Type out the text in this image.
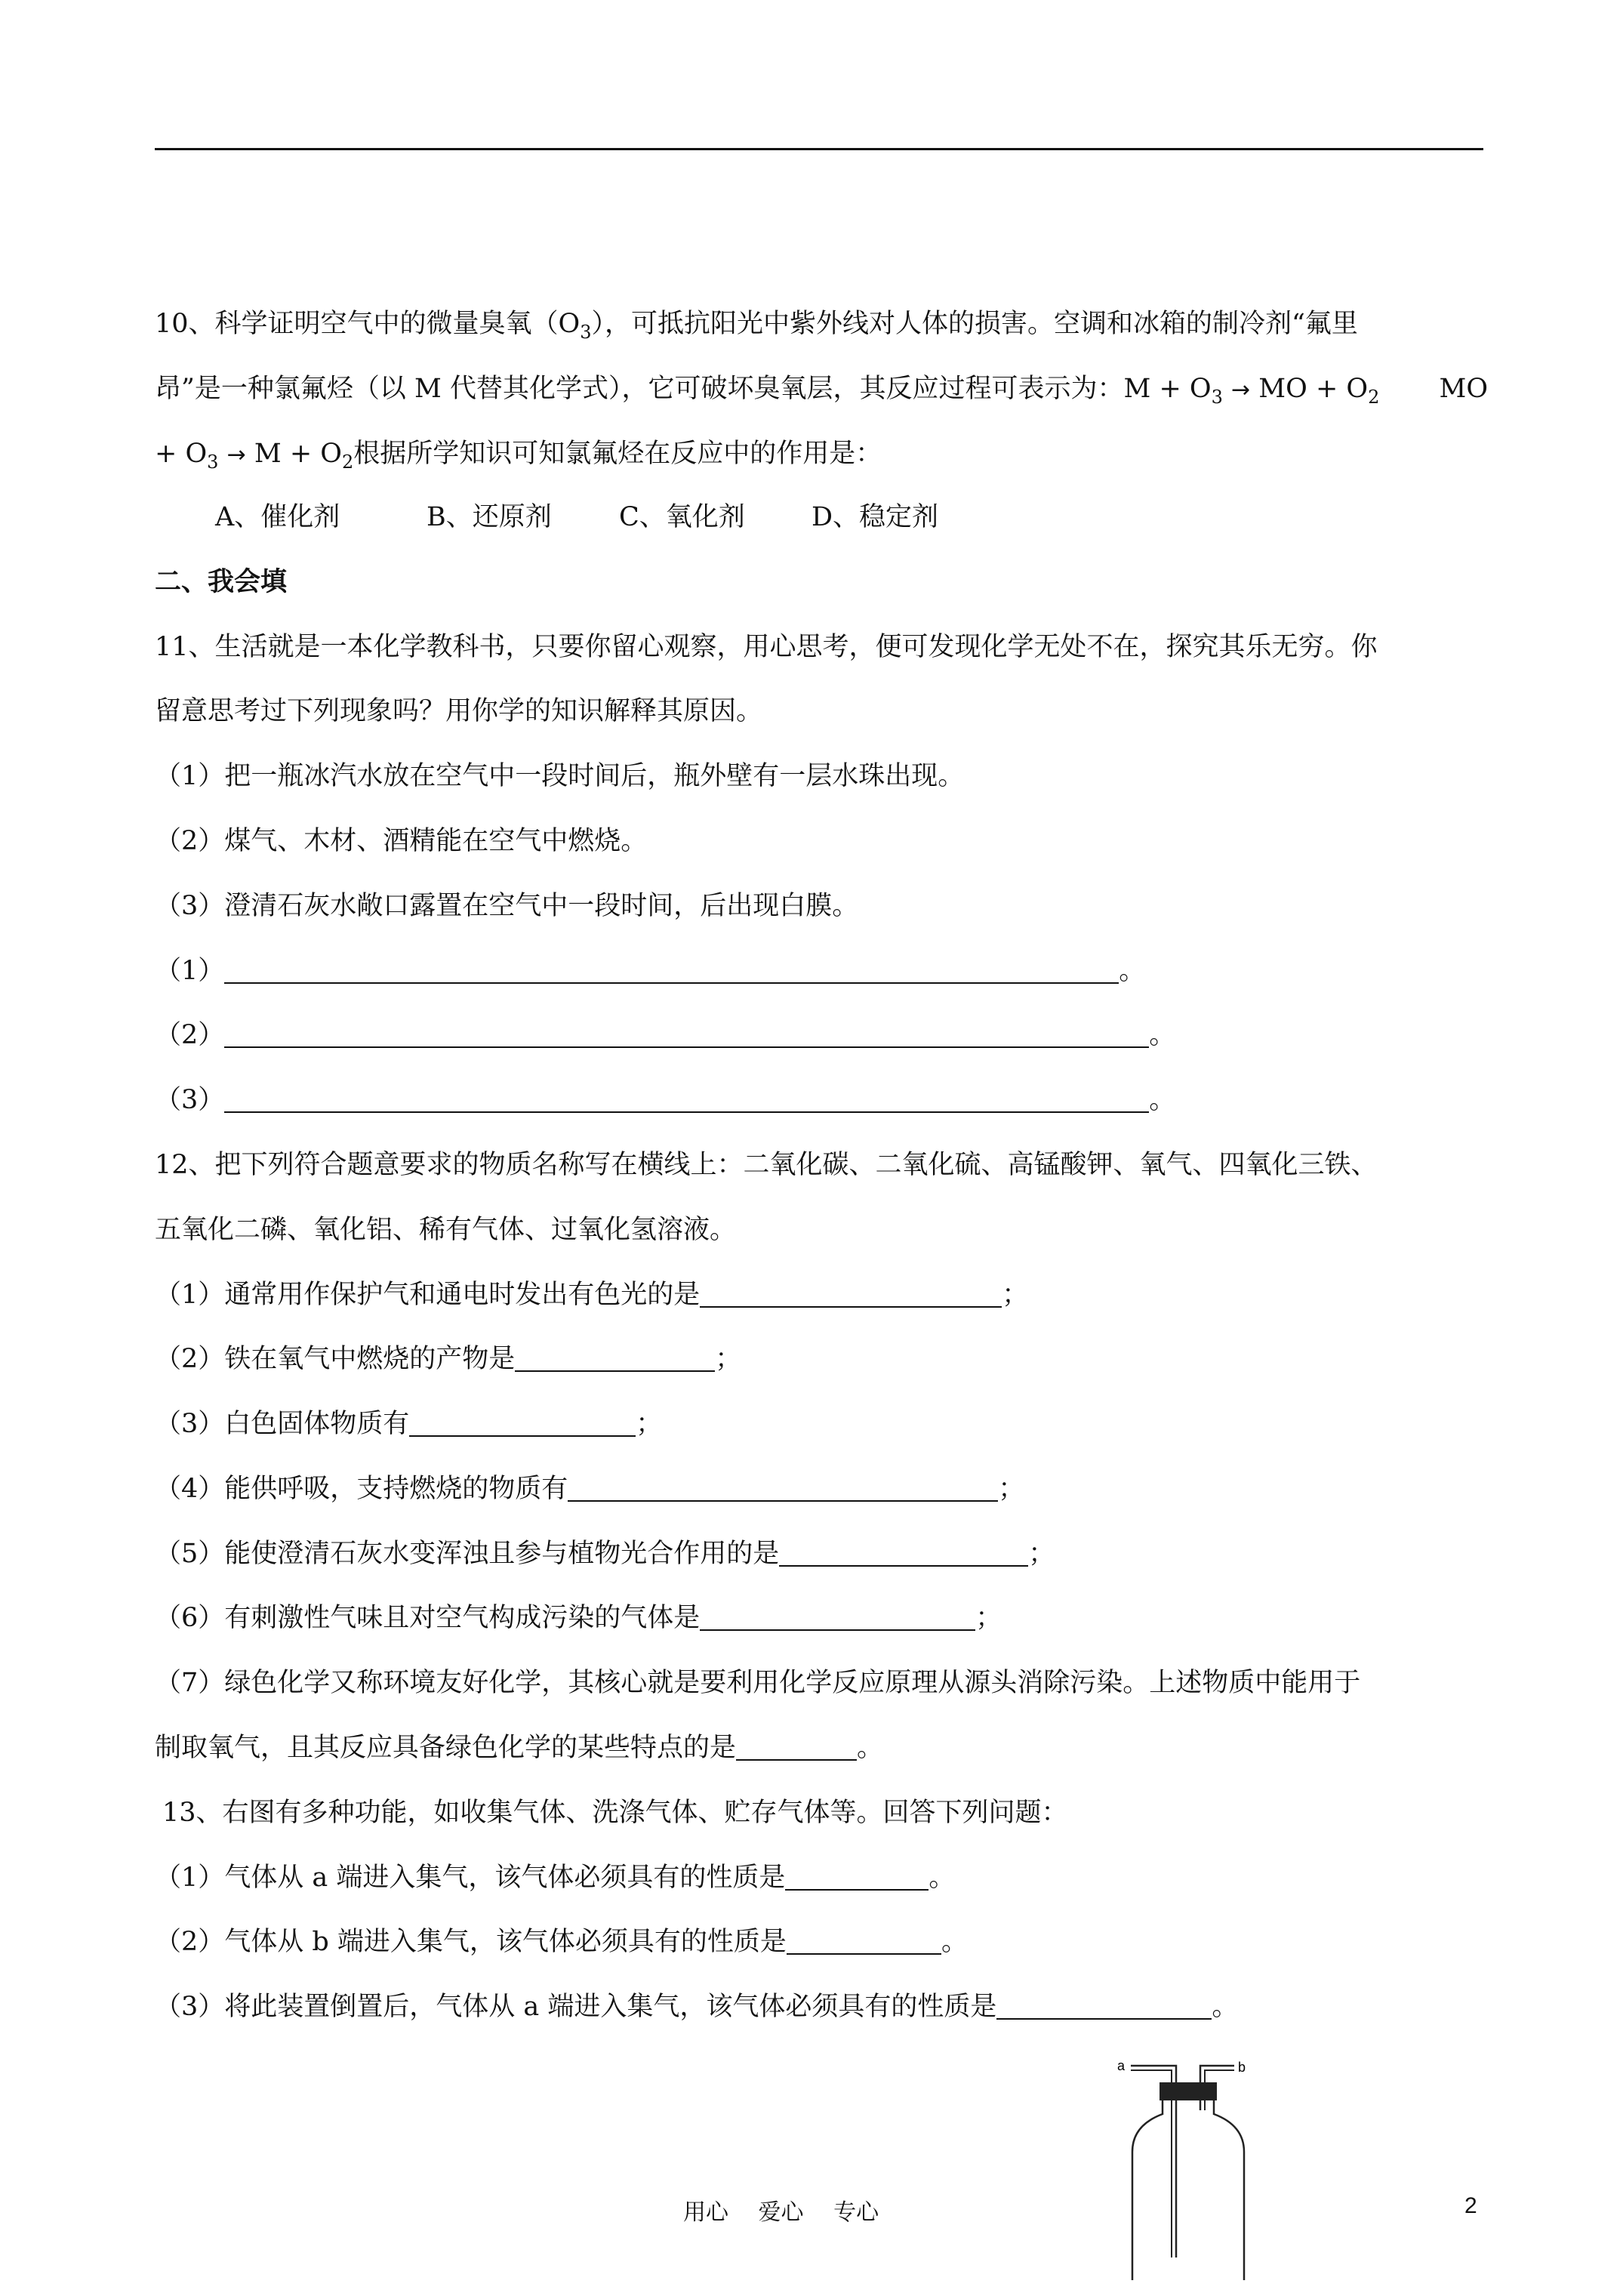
10、科学证明空气中的微量臭氧$(O_3)$，可抵抗阳光中紫外线对人体的损害。空调和冰箱的制冷剂“氟里
昂”是一种氯氟烃（以 M 代替其化学式），它可破坏臭氧层，其反应过程可表示为：$M + O_3$ → MO + $O_2$ MO
+ $O_3 \to M + O_2$根据所学知识可知氯氟烃在反应中的作用是：
A、催化剂	B、还原剂	C、氧化剂	D、稳定剂
二、我会填
11、生活就是一本化学教科书，只要你留心观察，用心思考，便可发现化学无处不在，探究其乐无穷。你
留意思考过下列现象吗？用你学的知识解释其原因。
（1）把一瓶冰汽水放在空气中一段时间后，瓶外壁有一层水珠出现。
（2）煤气、木材、酒精能在空气中燃烧。
（3）澄清石灰水敞口露置在空气中一段时间，后出现白膜。
（1）	。
（2）	。
（3）	。
12、把下列符合题意要求的物质名称写在横线上：二氧化碳、二氧化硫、高锰酸钾、氧气、四氧化三铁、
五氧化二磷、氧化铝、稀有气体、过氧化氢溶液。
（1）通常用作保护气和通电时发出有色光的是	；
（2）铁在氧气中燃烧的产物是	；
（3）白色固体物质有	；
（4）能供呼吸，支持燃烧的物质有	；
（5）能使澄清石灰水变浑浊且参与植物光合作用的是	；
（6）有刺激性气味且对空气构成污染的气体是	；
（7）绿色化学又称环境友好化学，其核心就是要利用化学反应原理从源头消除污染。上述物质中能用于
制取氧气，且其反应具备绿色化学的某些特点的是	。
13、右图有多种功能，如收集气体、洗涤气体、贮存气体等。回答下列问题：
（1）气体从 a 端进入集气，该气体必须具有的性质是	。
（2）气体从 b 端进入集气，该气体必须具有的性质是	。
（3）将此装置倒置后，气体从 a 端进入集气，该气体必须具有的性质是	。
a	b
用心 爱心 专心	2
